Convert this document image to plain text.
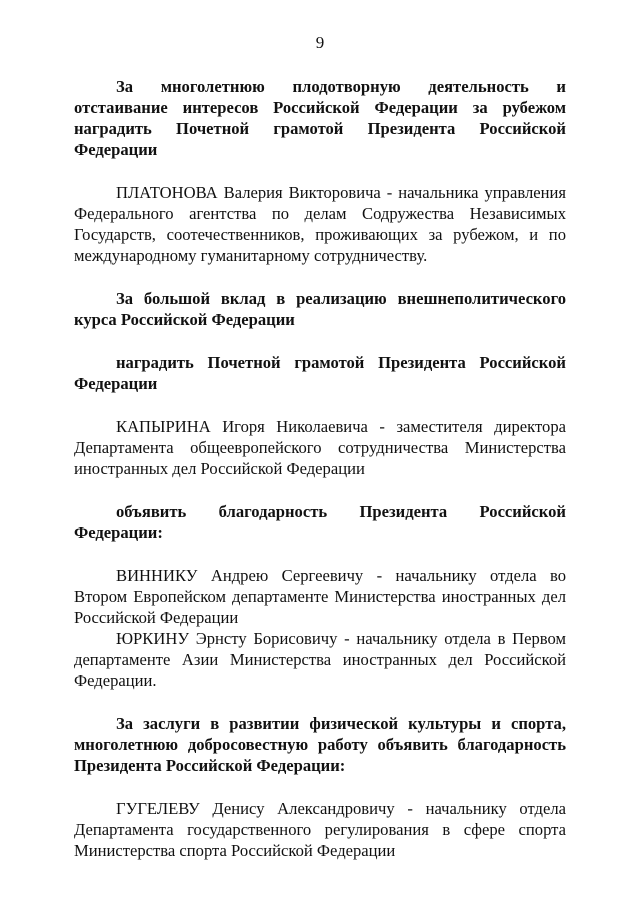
9

За многолетнюю плодотворную деятельность и отстаивание интересов Российской Федерации за рубежом наградить Почетной грамотой Президента Российской Федерации

ПЛАТОНОВА Валерия Викторовича - начальника управления Федерального агентства по делам Содружества Независимых Государств, соотечественников, проживающих за рубежом, и по международному гуманитарному сотрудничеству.

За большой вклад в реализацию внешнеполитического курса Российской Федерации

наградить Почетной грамотой Президента Российской Федерации

КАПЫРИНА Игоря Николаевича - заместителя директора Департамента общеевропейского сотрудничества Министерства иностранных дел Российской Федерации

объявить благодарность Президента Российской Федерации:

ВИННИКУ Андрею Сергеевичу - начальнику отдела во Втором Европейском департаменте Министерства иностранных дел Российской Федерации

ЮРКИНУ Эрнсту Борисовичу - начальнику отдела в Первом департаменте Азии Министерства иностранных дел Российской Федерации.

За заслуги в развитии физической культуры и спорта, многолетнюю добросовестную работу объявить благодарность Президента Российской Федерации:

ГУГЕЛЕВУ Денису Александровичу - начальнику отдела Департамента государственного регулирования в сфере спорта Министерства спорта Российской Федерации
